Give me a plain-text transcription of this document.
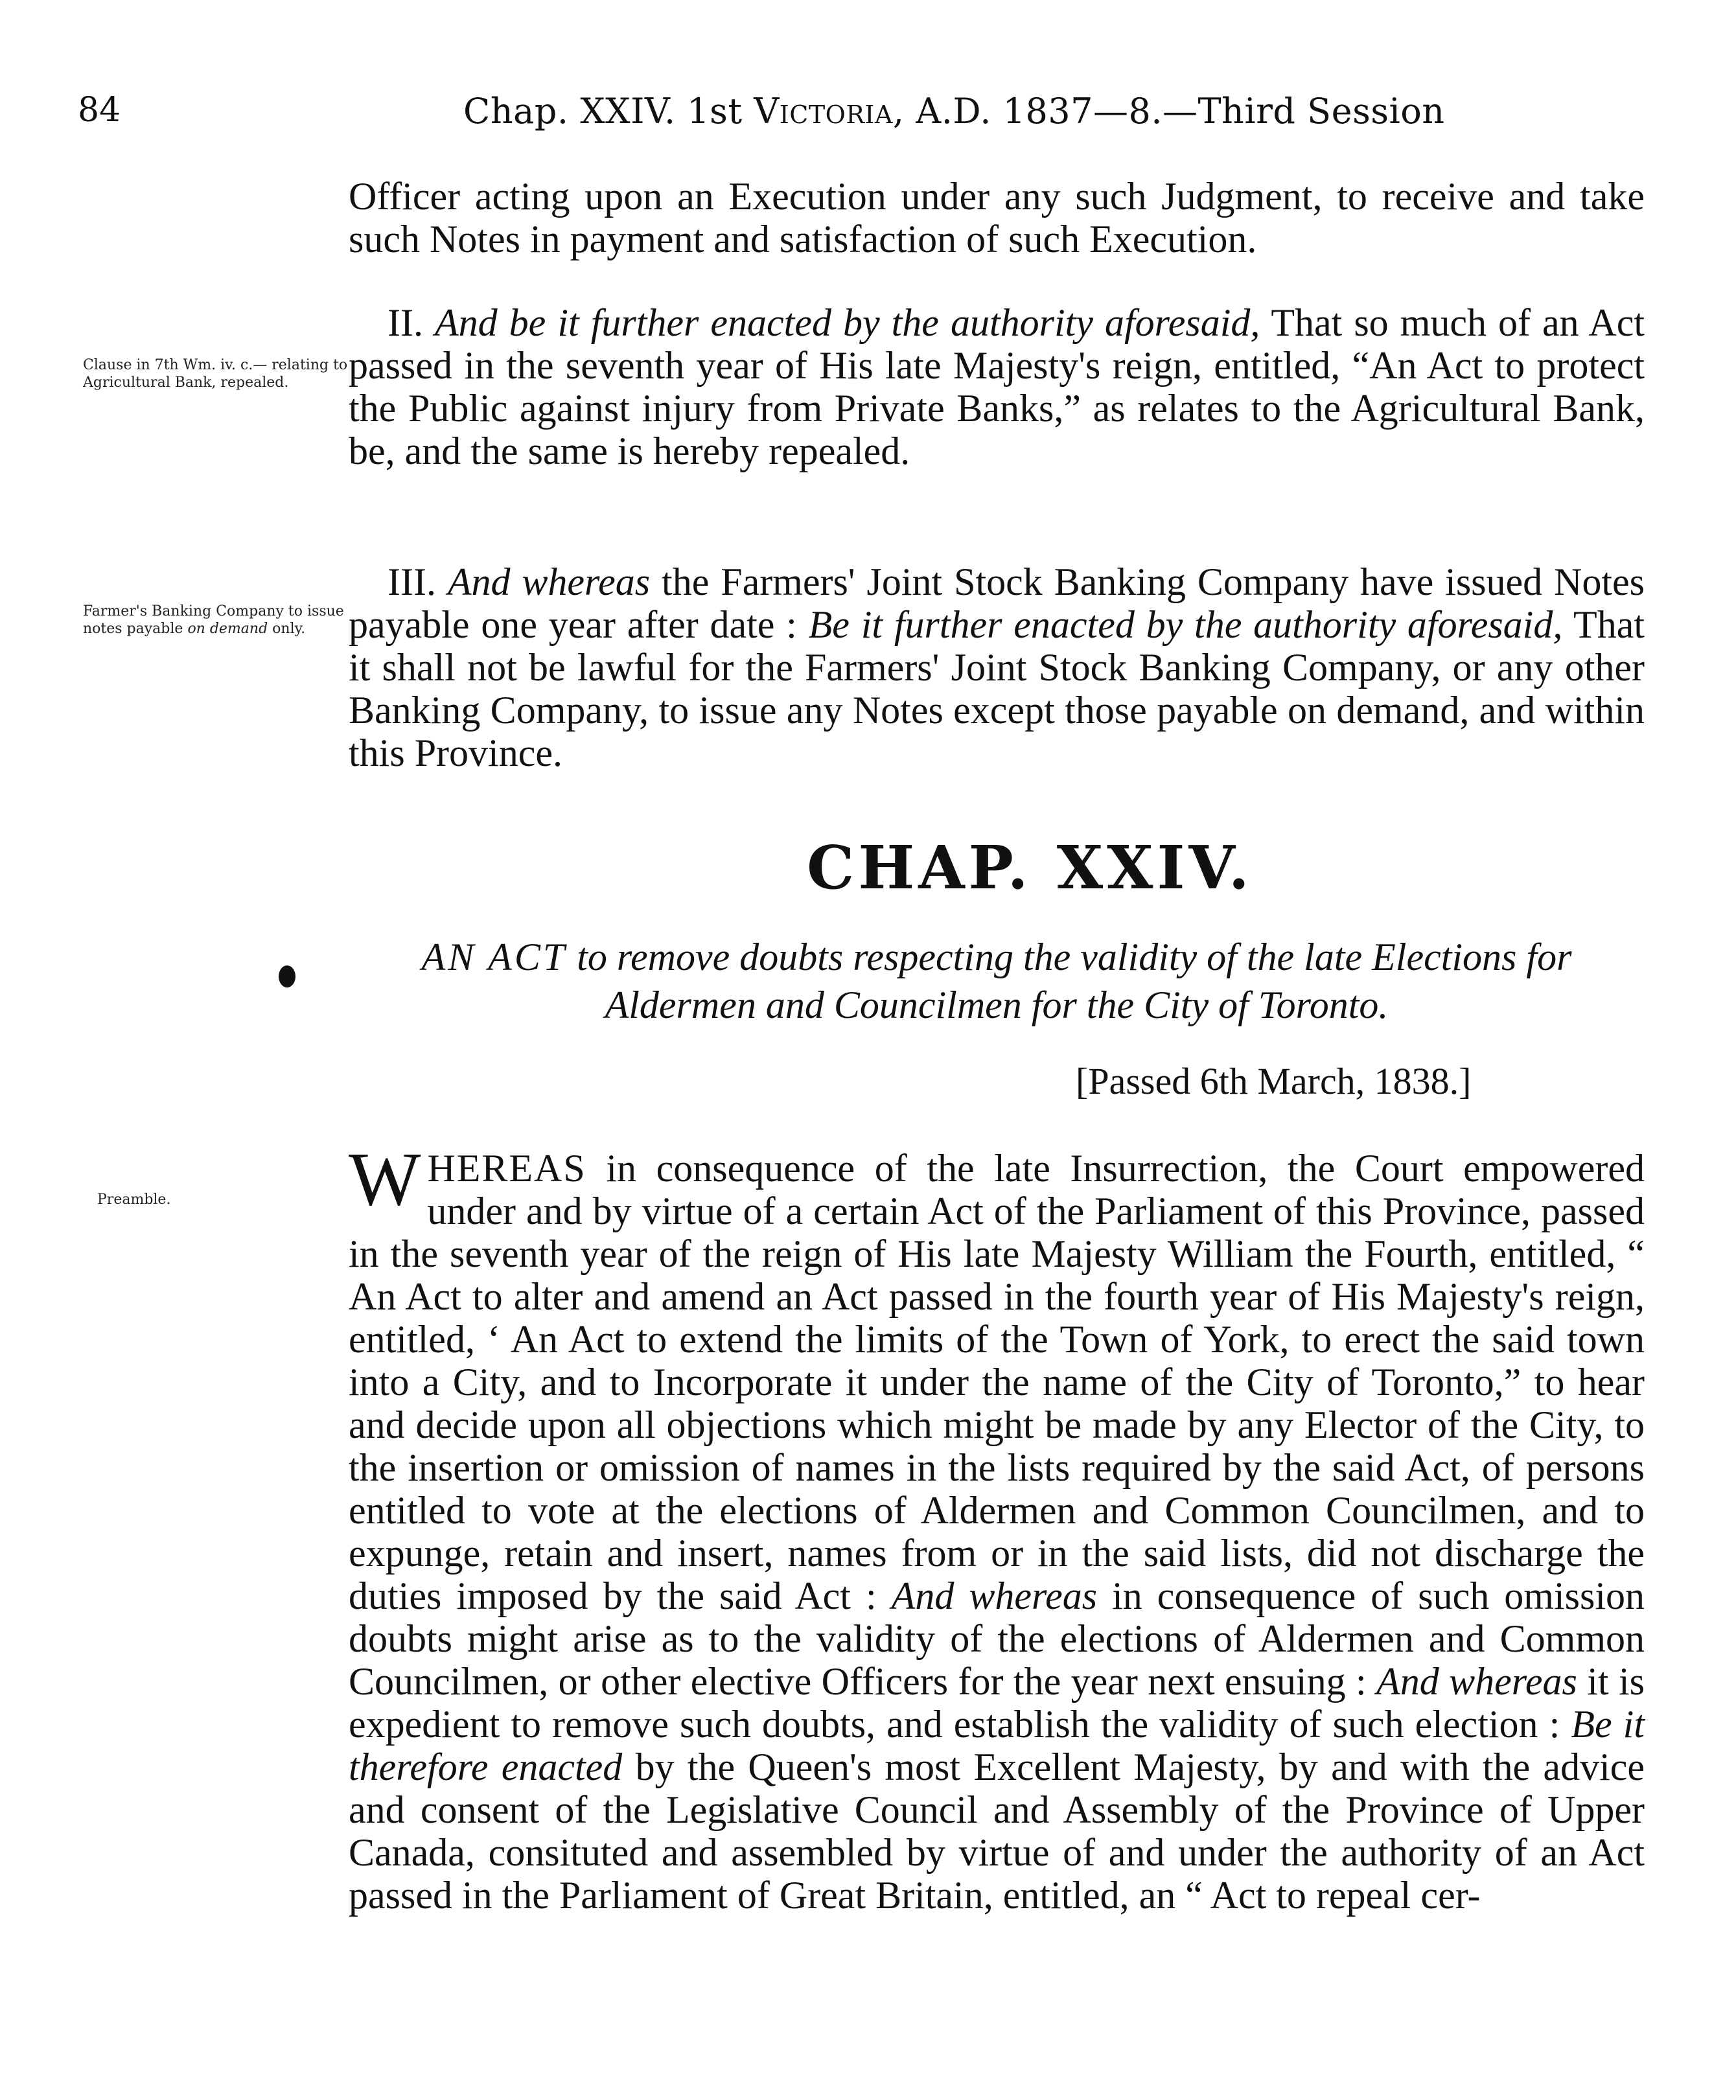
84	Chap. XXIV. 1st Victoria, A.D. 1837—8.—Third Session
Officer acting upon an Execution under any such Judgment, to receive and take such Notes in payment and satisfaction of such Execution.
Clause in 7th Wm. iv. c.— relating to Agricultural Bank, repealed.
II. And be it further enacted by the authority aforesaid, That so much of an Act passed in the seventh year of His late Majesty's reign, entitled, “An Act to protect the Public against injury from Private Banks,” as relates to the Agricultural Bank, be, and the same is hereby repealed.
Farmer's Banking Company to issue notes payable on demand only.
III. And whereas the Farmers' Joint Stock Banking Company have issued Notes payable one year after date : Be it further enacted by the authority aforesaid, That it shall not be lawful for the Farmers' Joint Stock Banking Company, or any other Banking Company, to issue any Notes except those payable on demand, and within this Province.
CHAP. XXIV.
AN ACT to remove doubts respecting the validity of the late Elections for Aldermen and Councilmen for the City of Toronto.
[Passed 6th March, 1838.]
Preamble.	WHEREAS in consequence of the late Insurrection, the Court empowered under and by virtue of a certain Act of the Parliament of this Province, passed in the seventh year of the reign of His late Majesty William the Fourth, entitled, “ An Act to alter and amend an Act passed in the fourth year of His Majesty's reign, entitled, ‘ An Act to extend the limits of the Town of York, to erect the said town into a City, and to Incorporate it under the name of the City of Toronto,” to hear and decide upon all objections which might be made by any Elector of the City, to the insertion or omission of names in the lists required by the said Act, of persons entitled to vote at the elections of Aldermen and Common Councilmen, and to expunge, retain and insert, names from or in the said lists, did not discharge the duties imposed by the said Act : And whereas in consequence of such omission doubts might arise as to the validity of the elections of Aldermen and Common Councilmen, or other elective Officers for the year next ensuing : And whereas it is expedient to remove such doubts, and establish the validity of such election : Be it therefore enacted by the Queen's most Excellent Majesty, by and with the advice and consent of the Legislative Council and Assembly of the Province of Upper Canada, consituted and assembled by virtue of and under the authority of an Act passed in the Parliament of Great Britain, entitled, an “ Act to repeal cer-
